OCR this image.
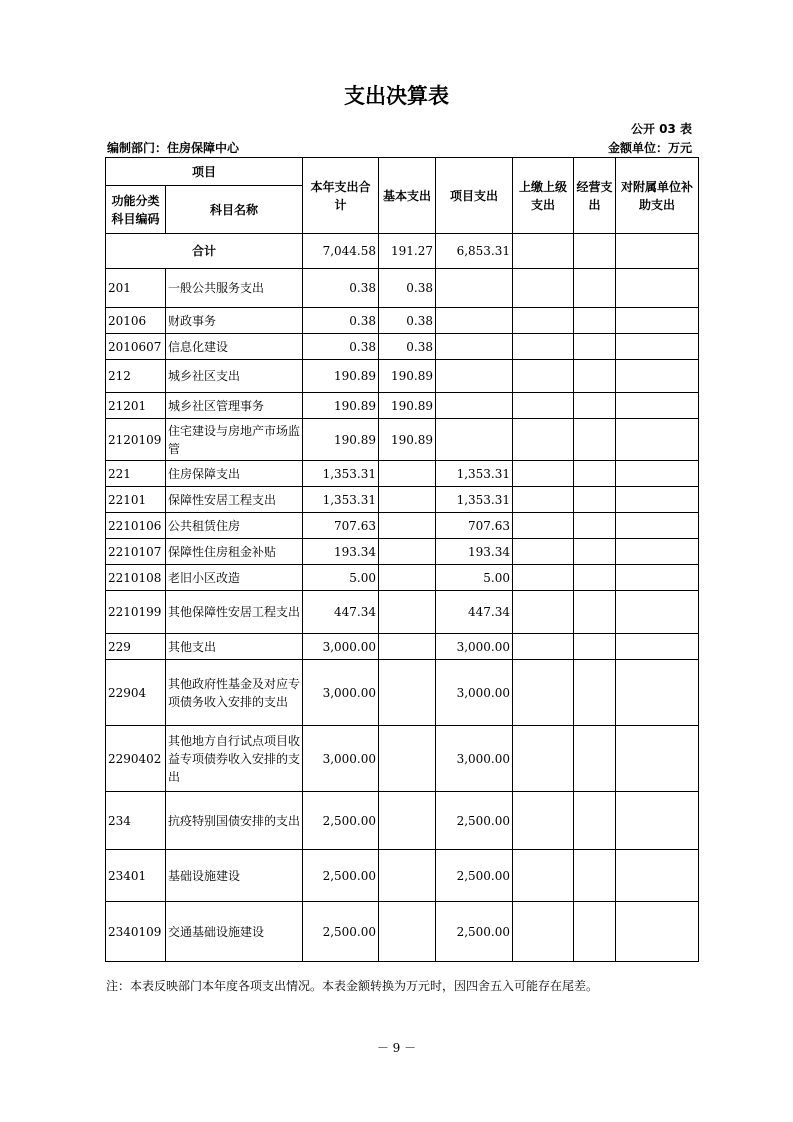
支出决算表
公开 03 表
编制部门：住房保障中心	金额单位：万元
项目		本年支出合计	基本支出	项目支出	上缴上级支出	经营支出	对附属单位补助支出
功能分类科目编码	科目名称						
合计		7,044.58	191.27	6,853.31			
201	一般公共服务支出	0.38	0.38				
20106	财政事务	0.38	0.38				
2010607	信息化建设	0.38	0.38				
212	城乡社区支出	190.89	190.89				
21201	城乡社区管理事务	190.89	190.89				
2120109	住宅建设与房地产市场监管	190.89	190.89				
221	住房保障支出	1,353.31		1,353.31			
22101	保障性安居工程支出	1,353.31		1,353.31			
2210106	公共租赁住房	707.63		707.63			
2210107	保障性住房租金补贴	193.34		193.34			
2210108	老旧小区改造	5.00		5.00			
2210199	其他保障性安居工程支出	447.34		447.34			
229	其他支出	3,000.00		3,000.00			
22904	其他政府性基金及对应专项债务收入安排的支出	3,000.00		3,000.00			
2290402	其他地方自行试点项目收益专项债券收入安排的支出	3,000.00		3,000.00			
234	抗疫特别国债安排的支出	2,500.00		2,500.00			
23401	基础设施建设	2,500.00		2,500.00			
2340109	交通基础设施建设	2,500.00		2,500.00			
注：本表反映部门本年度各项支出情况。本表金额转换为万元时，因四舍五入可能存在尾差。
－ 9 －
